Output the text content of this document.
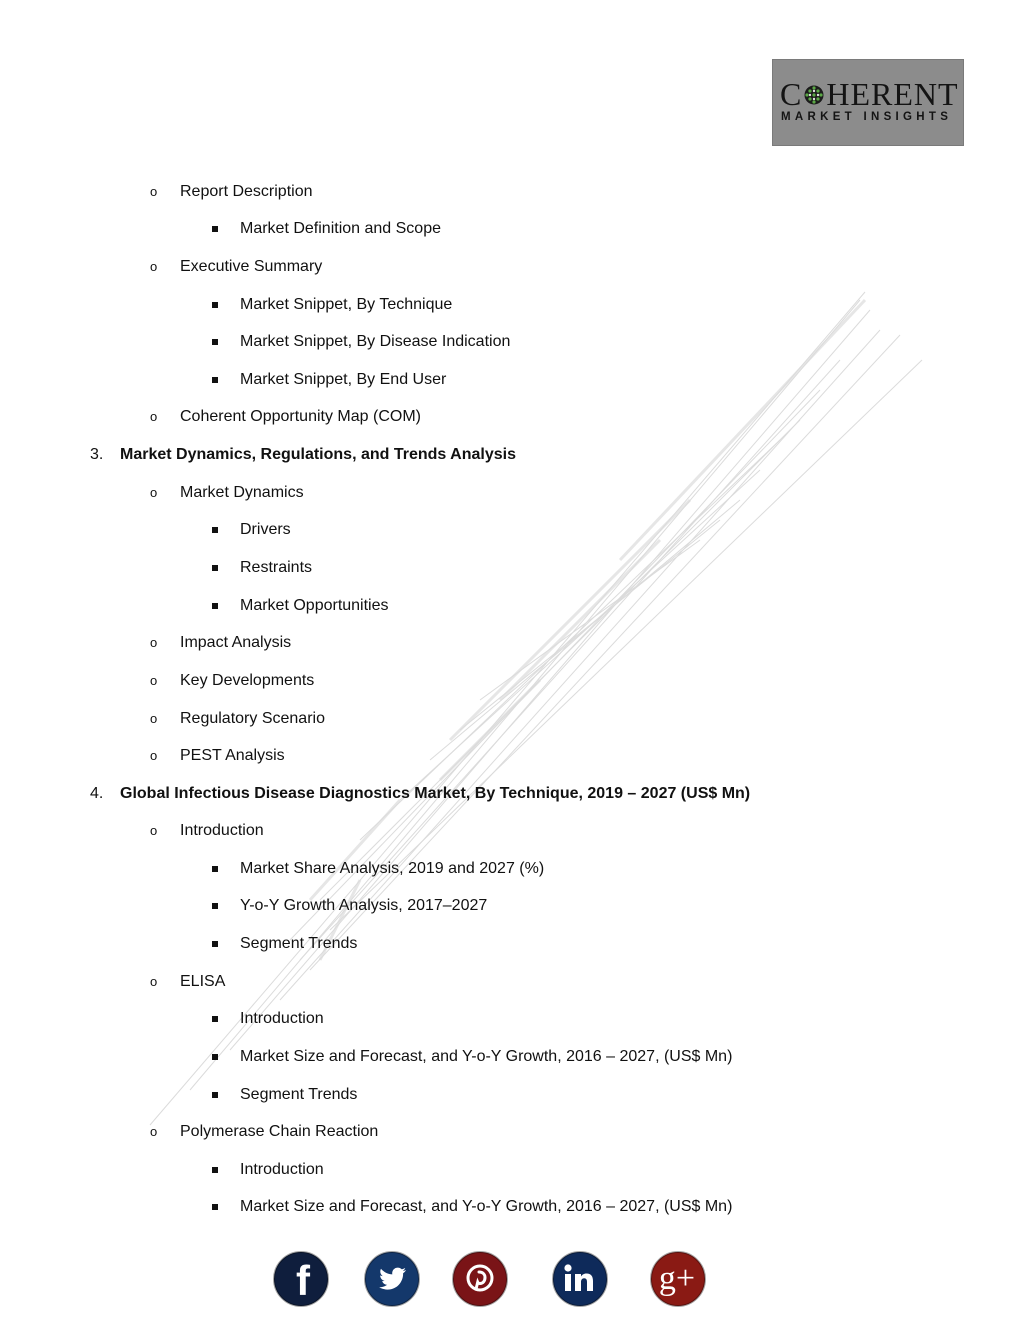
C HERENT
MARKET INSIGHTS
o Report Description
Market Definition and Scope
o Executive Summary
Market Snippet, By Technique
Market Snippet, By Disease Indication
Market Snippet, By End User
o Coherent Opportunity Map (COM)
3. Market Dynamics, Regulations, and Trends Analysis
o Market Dynamics
Drivers
Restraints
Market Opportunities
o Impact Analysis
o Key Developments
o Regulatory Scenario
o PEST Analysis
4. Global Infectious Disease Diagnostics Market, By Technique, 2019 – 2027 (US$ Mn)
o Introduction
Market Share Analysis, 2019 and 2027 (%)
Y-o-Y Growth Analysis, 2017–2027
Segment Trends
o ELISA
Introduction
Market Size and Forecast, and Y-o-Y Growth, 2016 – 2027, (US$ Mn)
Segment Trends
o Polymerase Chain Reaction
Introduction
Market Size and Forecast, and Y-o-Y Growth, 2016 – 2027, (US$ Mn)
f	g+
